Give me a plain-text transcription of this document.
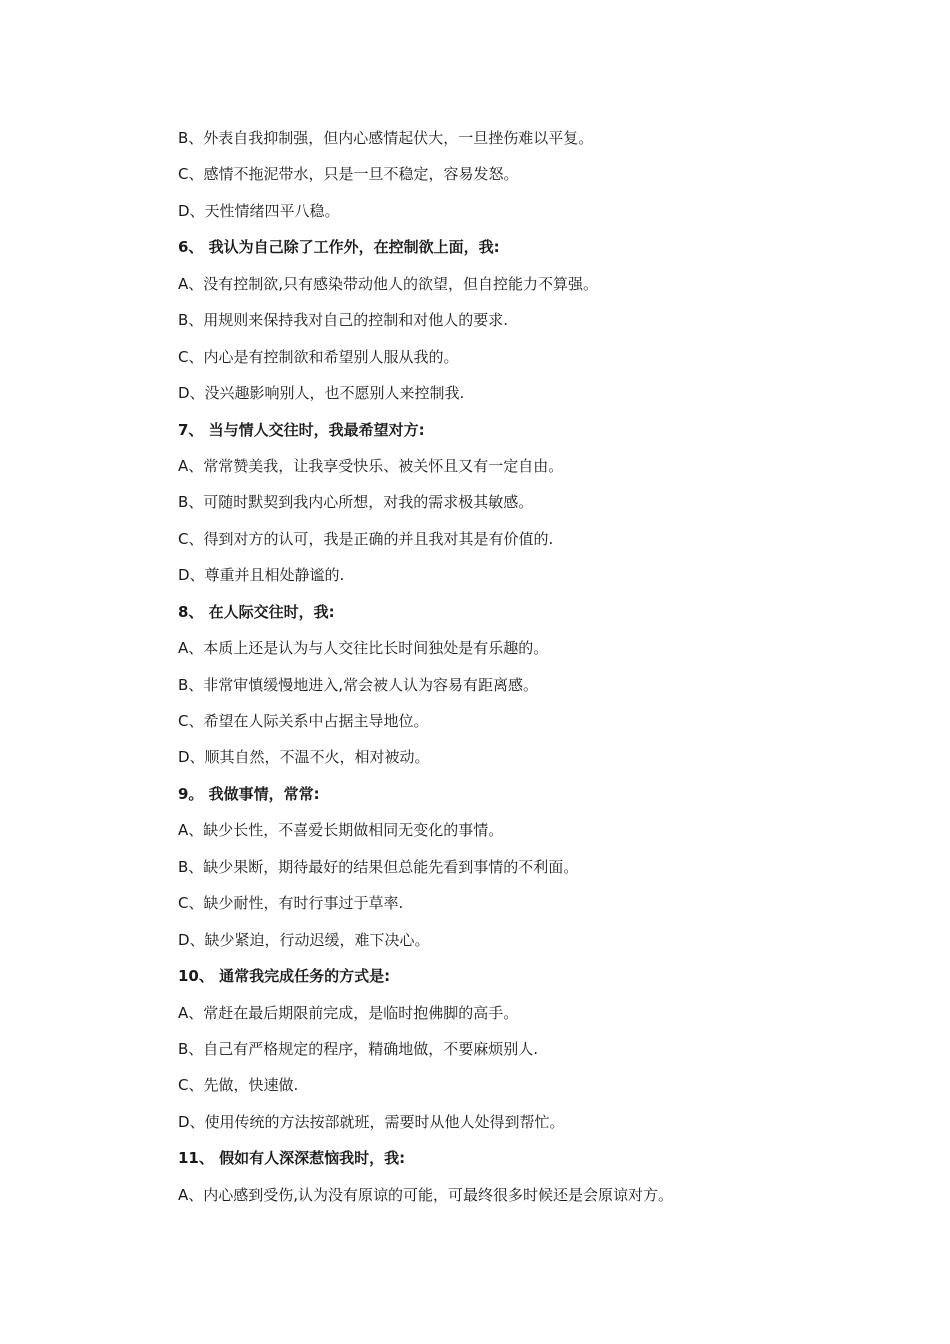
B、外表自我抑制强，但内心感情起伏大，一旦挫伤难以平复。
C、感情不拖泥带水，只是一旦不稳定，容易发怒。
D、天性情绪四平八稳。
6、 我认为自己除了工作外，在控制欲上面，我:
A、没有控制欲,只有感染带动他人的欲望，但自控能力不算强。
B、用规则来保持我对自己的控制和对他人的要求.
C、内心是有控制欲和希望别人服从我的。
D、没兴趣影响别人，也不愿别人来控制我.
7、 当与情人交往时，我最希望对方:
A、常常赞美我，让我享受快乐、被关怀且又有一定自由。
B、可随时默契到我内心所想，对我的需求极其敏感。
C、得到对方的认可，我是正确的并且我对其是有价值的.
D、尊重并且相处静谧的.
8、 在人际交往时，我:
A、本质上还是认为与人交往比长时间独处是有乐趣的。
B、非常审慎缓慢地进入,常会被人认为容易有距离感。
C、希望在人际关系中占据主导地位。
D、顺其自然，不温不火，相对被动。
9。 我做事情，常常:
A、缺少长性，不喜爱长期做相同无变化的事情。
B、缺少果断，期待最好的结果但总能先看到事情的不利面。
C、缺少耐性，有时行事过于草率.
D、缺少紧迫，行动迟缓，难下决心。
10、 通常我完成任务的方式是:
A、常赶在最后期限前完成，是临时抱佛脚的高手。
B、自己有严格规定的程序，精确地做，不要麻烦别人.
C、先做，快速做.
D、使用传统的方法按部就班，需要时从他人处得到帮忙。
11、 假如有人深深惹恼我时，我:
A、内心感到受伤,认为没有原谅的可能，可最终很多时候还是会原谅对方。
